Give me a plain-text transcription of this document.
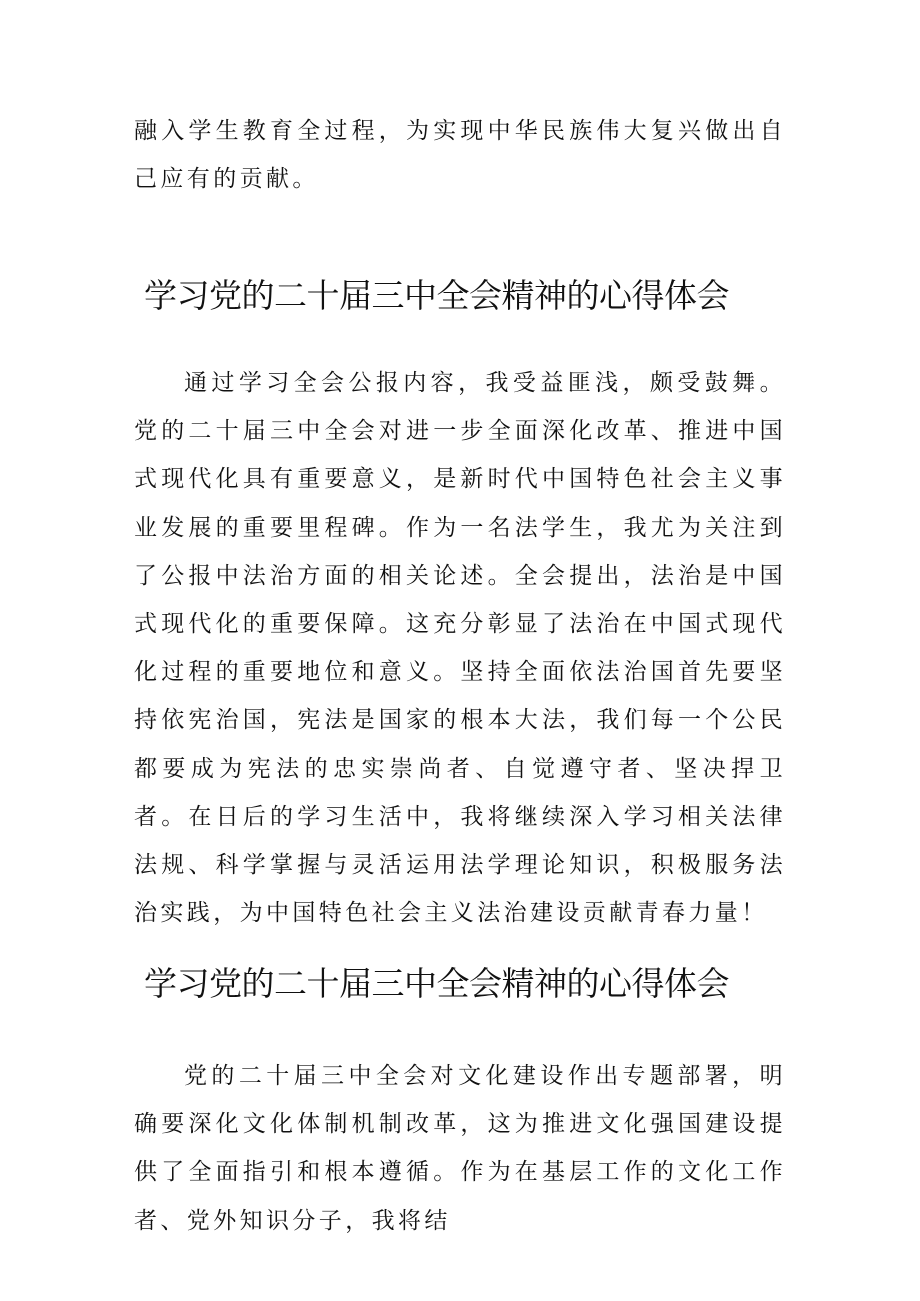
融入学生教育全过程，为实现中华民族伟大复兴做出自己应有的贡献。

学习党的二十届三中全会精神的心得体会

通过学习全会公报内容，我受益匪浅，颇受鼓舞。党的二十届三中全会对进一步全面深化改革、推进中国式现代化具有重要意义，是新时代中国特色社会主义事业发展的重要里程碑。作为一名法学生，我尤为关注到了公报中法治方面的相关论述。全会提出，法治是中国式现代化的重要保障。这充分彰显了法治在中国式现代化过程的重要地位和意义。坚持全面依法治国首先要坚持依宪治国，宪法是国家的根本大法，我们每一个公民都要成为宪法的忠实崇尚者、自觉遵守者、坚决捍卫者。在日后的学习生活中，我将继续深入学习相关法律法规、科学掌握与灵活运用法学理论知识，积极服务法治实践，为中国特色社会主义法治建设贡献青春力量！

学习党的二十届三中全会精神的心得体会

党的二十届三中全会对文化建设作出专题部署，明确要深化文化体制机制改革，这为推进文化强国建设提供了全面指引和根本遵循。作为在基层工作的文化工作者、党外知识分子，我将结
